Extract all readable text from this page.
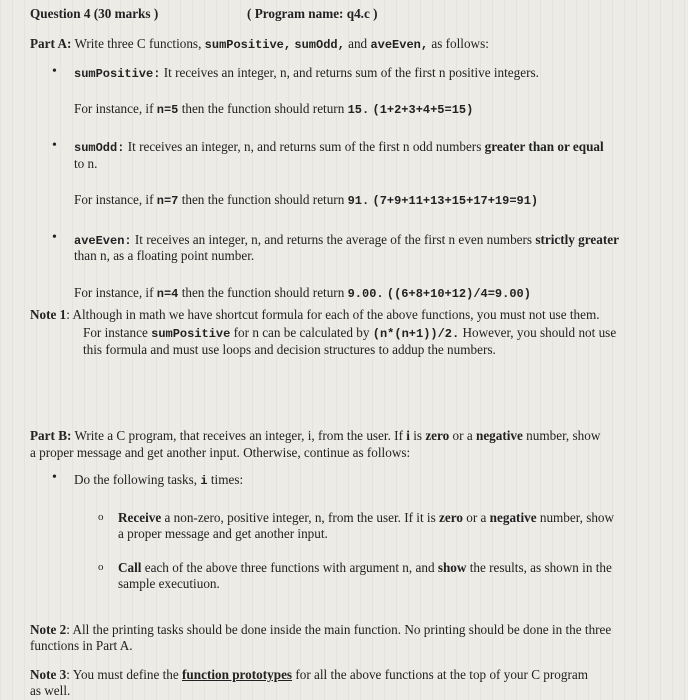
Question 4 (30 marks )	( Program name: q4.c )
Part A: Write three C functions, sumPositive, sumOdd, and aveEven, as follows:
• sumPositive: It receives an integer, n, and returns sum of the first n positive integers.
For instance, if n=5 then the function should return 15. (1+2+3+4+5=15)
• sumOdd: It receives an integer, n, and returns sum of the first n odd numbers greater than or equal
to n.
For instance, if n=7 then the function should return 91. (7+9+11+13+15+17+19=91)
• aveEven: It receives an integer, n, and returns the average of the first n even numbers strictly greater
than n, as a floating point number.
For instance, if n=4 then the function should return 9.00. ((6+8+10+12)/4=9.00)
Note 1: Although in math we have shortcut formula for each of the above functions, you must not use them.
For instance sumPositive for n can be calculated by (n*(n+1))/2. However, you should not use
this formula and must use loops and decision structures to addup the numbers.
Part B: Write a C program, that receives an integer, i, from the user. If i is zero or a negative number, show
a proper message and get another input. Otherwise, continue as follows:
• Do the following tasks, i times:
o Receive a non-zero, positive integer, n, from the user. If it is zero or a negative number, show
a proper message and get another input.
o Call each of the above three functions with argument n, and show the results, as shown in the
sample executiuon.
Note 2: All the printing tasks should be done inside the main function. No printing should be done in the three
functions in Part A.
Note 3: You must define the function prototypes for all the above functions at the top of your C program
as well.
